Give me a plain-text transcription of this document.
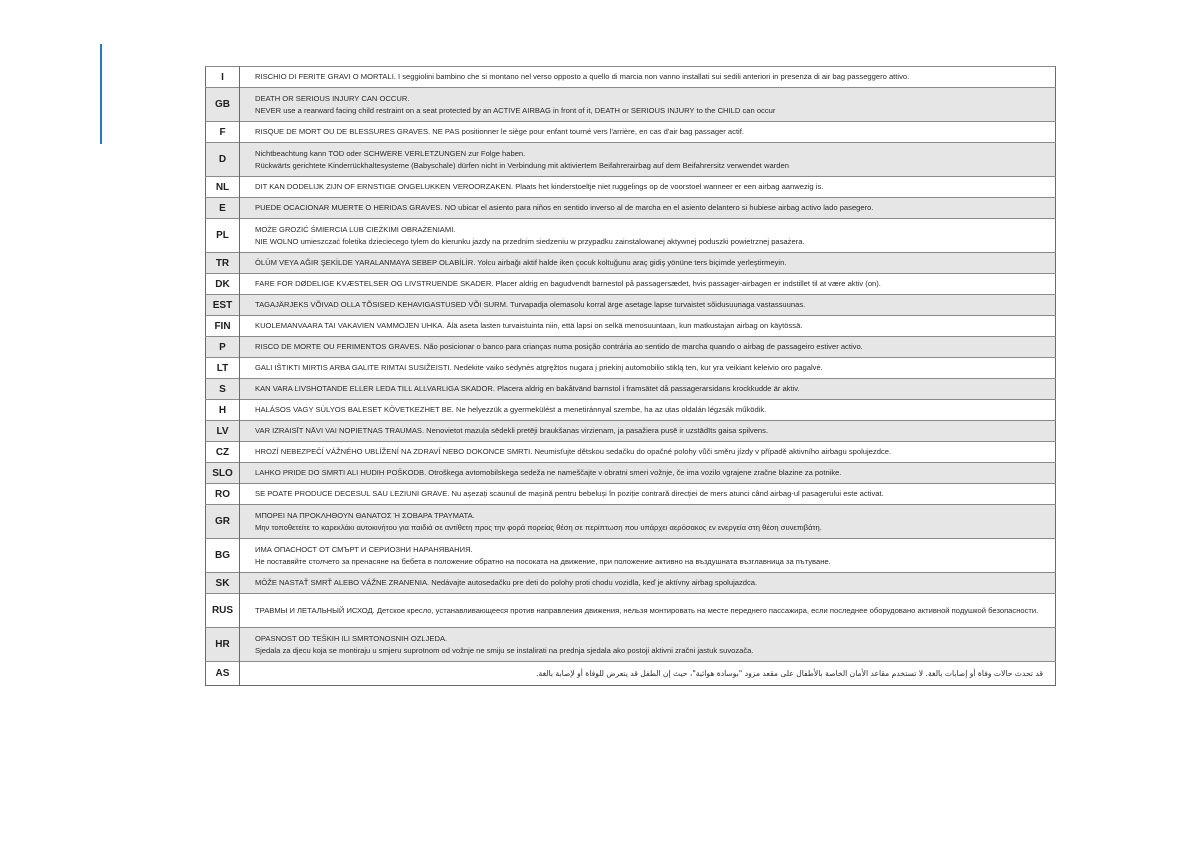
I	RISCHIO DI FERITE GRAVI O MORTALI. I seggiolini bambino che si montano nel verso opposto a quello di marcia non vanno installati sui sedili anteriori in presenza di air bag passeggero attivo.
GB	DEATH OR SERIOUS INJURY CAN OCCUR.
NEVER use a rearward facing child restraint on a seat protected by an ACTIVE AIRBAG in front of it, DEATH or SERIOUS INJURY to the CHILD can occur
F	RISQUE DE MORT OU DE BLESSURES GRAVES. NE PAS positionner le siège pour enfant tourné vers l'arrière, en cas d'air bag passager actif.
D	Nichtbeachtung kann TOD oder SCHWERE VERLETZUNGEN zur Folge haben.
Rückwärts gerichtete Kinderrückhaltesysteme (Babyschale) dürfen nicht in Verbindung mit aktiviertem Beifahrerairbag auf dem Beifahrersitz verwendet warden
NL	DIT KAN DODELIJK ZIJN OF ERNSTIGE ONGELUKKEN VEROORZAKEN. Plaats het kinderstoeltje niet ruggelings op de voorstoel wanneer er een airbag aanwezig is.
E	PUEDE OCACIONAR MUERTE O HERIDAS GRAVES. NO ubicar el asiento para niños en sentido inverso al de marcha en el asiento delantero si hubiese airbag activo lado pasegero.
PL	MOŻE GROZIĆ ŚMIERCIA LUB CIEŻKIMI OBRAŻENIAMI.
NIE WOLNO umieszczać foletika dzieciecego tylem do kierunku jazdy na przednim siedzeniu w przypadku zainstalowanej aktywnej poduszki powietrznej pasażera.
TR	ÖLÜM VEYA AĞIR ŞEKİLDE YARALANMAYA SEBEP OLABİLİR. Yolcu airbağı aktif halde iken çocuk koltuğunu araç gidiş yönüne ters biçimde yerleştirmeyin.
DK	FARE FOR DØDELIGE KVÆSTELSER OG LIVSTRUENDE SKADER. Placer aldrig en bagudvendt barnestol på passagersædet, hvis passager-airbagen er indstillet til at være aktiv (on).
EST	TAGAJÄRJEKS VÕIVAD OLLA TÕSISED KEHAVIGASTUSED VÕI SURM. Turvapadja olemasolu korral ärge asetage lapse turvaistet sõidusuunaga vastassuunas.
FIN	KUOLEMANVAARA TAI VAKAVIEN VAMMOJEN UHKA. Älä aseta lasten turvaistuinta niin, että lapsi on selkä menosuuntaan, kun matkustajan airbag on käytössä.
P	RISCO DE MORTE OU FERIMENTOS GRAVES. Não posicionar o banco para crianças numa posição contrária ao sentido de marcha quando o airbag de passageiro estiver activo.
LT	GALI IŠTIKTI MIRTIS ARBA GALITE RIMTAI SUSIŽEISTI. Nedėkite vaiko sėdynės atgręžtos nugara į priekinį automobilio stiklą ten, kur yra veikiant keleivio oro pagalvė.
S	KAN VARA LIVSHOTANDE ELLER LEDA TILL ALLVARLIGA SKADOR. Placera aldrig en bakåtvänd barnstol i framsätet då passagerarsidans krockkudde är aktiv.
H	HALÁSOS VAGY SÚLYOS BALESET KÖVETKEZHET BE. Ne helyezzük a gyermekülést a menetiránnyal szembe, ha az utas oldalán légzsák működik.
LV	VAR IZRAISĪT NĀVI VAI NOPIETNAS TRAUMAS. Nenovietot mazuļa sēdekli pretēji braukšanas virzienam, ja pasažiera pusē ir uzstādīts gaisa spilvens.
CZ	HROZÍ NEBEZPEČÍ VÁŽNÉHO UBLÍŽENÍ NA ZDRAVÍ NEBO DOKONCE SMRTI. Neumisťujte dětskou sedačku do opačné polohy vůči směru jízdy v případě aktivního airbagu spolujezdce.
SLO	LAHKO PRIDE DO SMRTI ALI HUDIH POŠKODB. Otroškega avtomobilskega sedeža ne nameščajte v obratni smeri vožnje, če ima vozilo vgrajene zračne blazine za potnike.
RO	SE POATE PRODUCE DECESUL SAU LEZIUNI GRAVE. Nu așezați scaunul de mașină pentru bebeluși în poziție contrară direcției de mers atunci când airbag-ul pasagerului este activat.
GR	ΜΠΟΡΕΙ ΝΑ ΠΡΟΚΛΗΘΟΥΝ ΘΑΝΑΤΟΣ Ή ΣΟΒΑΡΑ ΤΡΑΥΜΑΤΑ.
Μην τοποθετείτε το καρεκλάκι αυτοκινήτου για παιδιά σε αντίθετη προς την φορά πορείας θέση σε περίπτωση που υπάρχει αερόσακος εν ενεργεία στη θέση συνεπιβάτη.
BG	ИМА ОПАСНОСТ ОТ СМЪРТ И СЕРИОЗНИ НАРАНЯВАНИЯ.
Не поставяйте столчето за пренасяне на бебета в положение обратно на посоката на движение, при положение активно на въздушната възглавница за пътуване.
SK	MÔŽE NASTAŤ SMRŤ ALEBO VÁŽNE ZRANENIA. Nedávajte autosedačku pre deti do polohy proti chodu vozidla, keď je aktívny airbag spolujazdca.
RUS	ТРАВМЫ И ЛЕТАЛЬНЫЙ ИСХОД. Детское кресло, устанавливающееся против направления движения, нельзя монтировать на месте переднего пассажира, если последнее оборудовано активной подушкой безопасности.
HR	OPASNOST OD TEŠKIH ILI SMRTONOSNIH OZLJEDA.
Sjedala za djecu koja se montiraju u smjeru suprotnom od vožnje ne smiju se instalirati na prednja sjedala ako postoji aktivni zračni jastuk suvozača.
AS	قد تحدث حالات وفاة أو إصابات بالغة. لا تستخدم مقاعد الأمان الخاصة بالأطفال على مقعد مزود "بوسادة هوائية"، حيث إن الطفل قد يتعرض للوفاة أو لإصابة بالغة.
